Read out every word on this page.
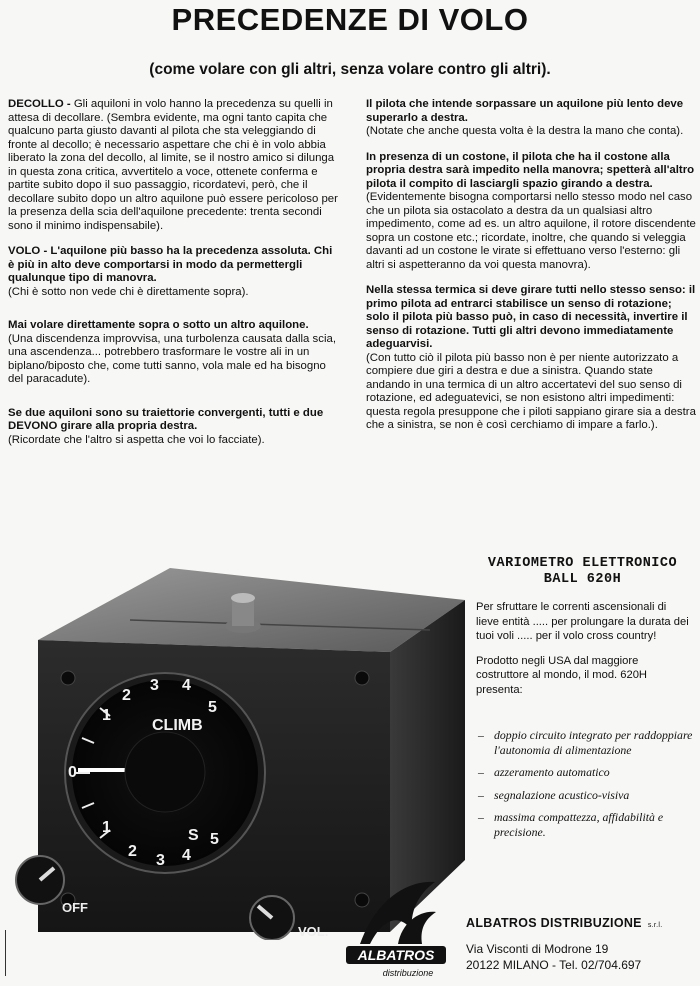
PRECEDENZE DI VOLO
(come volare con gli altri, senza volare contro gli altri).

DECOLLO - Gli aquiloni in volo hanno la precedenza su quelli in attesa di decollare. (Sembra evidente, ma ogni tanto capita che qualcuno parta giusto davanti al pilota che sta veleggiando di fronte al decollo; è necessario aspettare che chi è in volo abbia liberato la zona del decollo, al limite, se il nostro amico si dilunga in questa zona critica, avvertitelo a voce, ottenete conferma e partite subito dopo il suo passaggio, ricordatevi, però, che il decollare subito dopo un altro aquilone può essere pericoloso per la presenza della scia dell'aquilone precedente: trenta secondi sono il minimo indispensabile).

VOLO - L'aquilone più basso ha la precedenza assoluta. Chi è più in alto deve comportarsi in modo da permettergli qualunque tipo di manovra.
(Chi è sotto non vede chi è direttamente sopra).

Mai volare direttamente sopra o sotto un altro aquilone.
(Una discendenza improvvisa, una turbolenza causata dalla scia, una ascendenza... potrebbero trasformare le vostre ali in un biplano/biposto che, come tutti sanno, vola male ed ha bisogno del paracadute).

Se due aquiloni sono su traiettorie convergenti, tutti e due DEVONO girare alla propria destra.
(Ricordate che l'altro si aspetta che voi lo facciate).

Il pilota che intende sorpassare un aquilone più lento deve superarlo a destra.
(Notate che anche questa volta è la destra la mano che conta).

In presenza di un costone, il pilota che ha il costone alla propria destra sarà impedito nella manovra; spetterà all'altro pilota il compito di lasciargli spazio girando a destra.
(Evidentemente bisogna comportarsi nello stesso modo nel caso che un pilota sia ostacolato a destra da un qualsiasi altro impedimento, come ad es. un altro aquilone, il rotore discendente sopra un costone etc.; ricordate, inoltre, che quando si veleggia davanti ad un costone le virate si effettuano verso l'esterno: gli altri si aspetteranno da voi questa manovra).

Nella stessa termica si deve girare tutti nello stesso senso: il primo pilota ad entrarci stabilisce un senso di rotazione; solo il pilota più basso può, in caso di necessità, invertire il senso di rotazione. Tutti gli altri devono immediatamente adeguarvisi.
(Con tutto ciò il pilota più basso non è per niente autorizzato a compiere due giri a destra e due a sinistra. Quando state andando in una termica di un altro accertatevi del suo senso di rotazione, ed adeguatevici, se non esistono altri impedimenti: questa regola presuppone che i piloti sappiano girare sia a destra che a sinistra, se non è così cerchiamo di impare a farlo.).

CLIMB
S
1
2
3 4
5
0
1
2
3 4
5
OFF
VOL.
VARIOMETRO ELETTRONICO
BALL 620H

Per sfruttare le correnti ascensionali di lieve entità ..... per prolungare la durata dei tuoi voli ..... per il volo cross country!

Prodotto negli USA dal maggiore costruttore al mondo, il mod. 620H presenta:

– doppio circuito integrato per raddoppiare l'autonomia di alimentazione
– azzeramento automatico
– segnalazione acustico-visiva
– massima compattezza, affidabilità e precisione.
ALBATROS
distribuzione
ALBATROS DISTRIBUZIONE s.r.l.
Via Visconti di Modrone 19
20122 MILANO - Tel. 02/704.697
